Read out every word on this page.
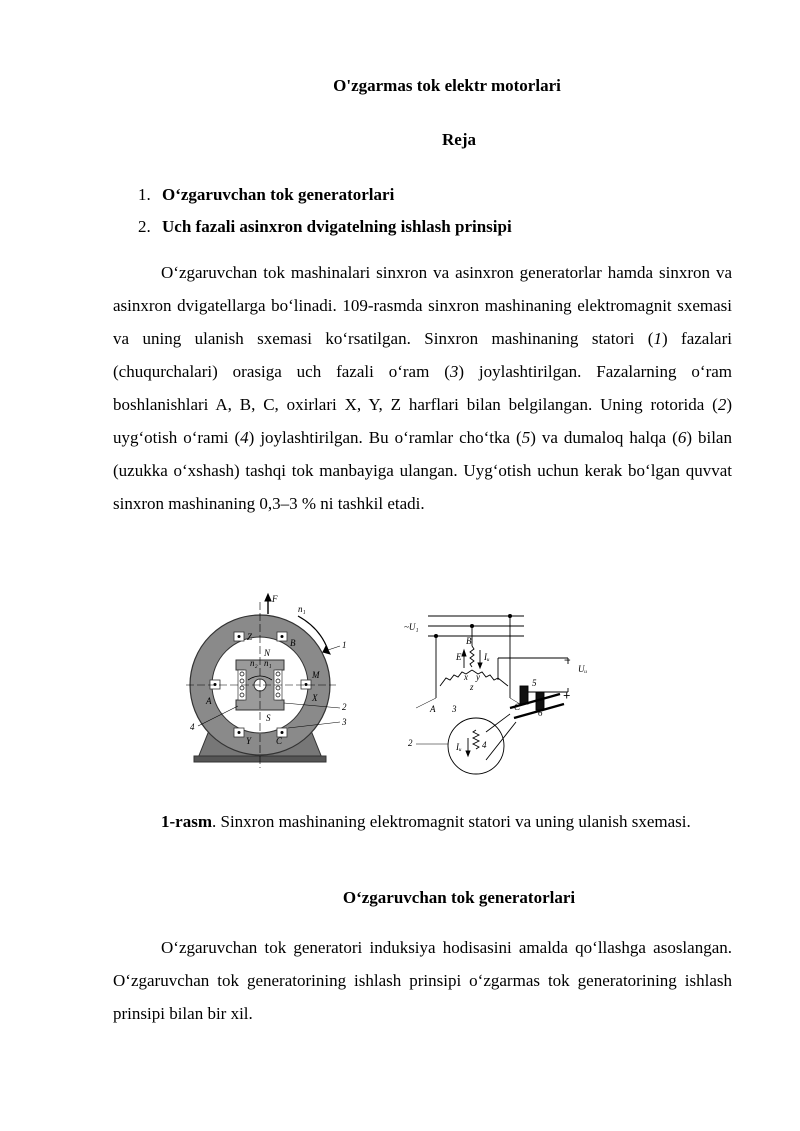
O'zgarmas tok elektr motorlari
Reja
1. O‘zgaruvchan tok generatorlari
2. Uch fazali asinxron dvigatelning ishlash prinsipi

O‘zgaruvchan tok mashinalari sinxron va asinxron generatorlar hamda sinxron va asinxron dvigatellarga bo‘linadi. 109-rasmda sinxron mashinaning elektromagnit sxemasi va uning ulanish sxemasi ko‘rsatilgan. Sinxron mashinaning statori (1) fazalari (chuqurchalari) orasiga uch fazali o‘ram (3) joylashtirilgan. Fazalarning o‘ram boshlanishlari A, B, C, oxirlari X, Y, Z harflari bilan belgilangan. Uning rotorida (2) uyg‘otish o‘rami (4) joylashtirilgan. Bu o‘ramlar cho‘tka (5) va dumaloq halqa (6) bilan (uzukka o‘xshash) tashqi tok manbayiga ulangan. Uyg‘otish uchun kerak bo‘lgan quvvat sinxron mashinaning 0,3–3 % ni tashkil etadi.

F
n₁
B
Z
N
S
M
X
A
Y	C
n₂ n₁
1
2
3
4
~U₁
B
E	Iᵤ
x y
z
A	C
3
5
6
2	4
Iᵤ
Uᵤ
−
+

1-rasm. Sinxron mashinaning elektromagnit statori va uning ulanish sxemasi.

O‘zgaruvchan tok generatorlari

O‘zgaruvchan tok generatori induksiya hodisasini amalda qo‘llashga asoslangan. O‘zgaruvchan tok generatorining ishlash prinsipi o‘zgarmas tok generatorining ishlash prinsipi bilan bir xil.
